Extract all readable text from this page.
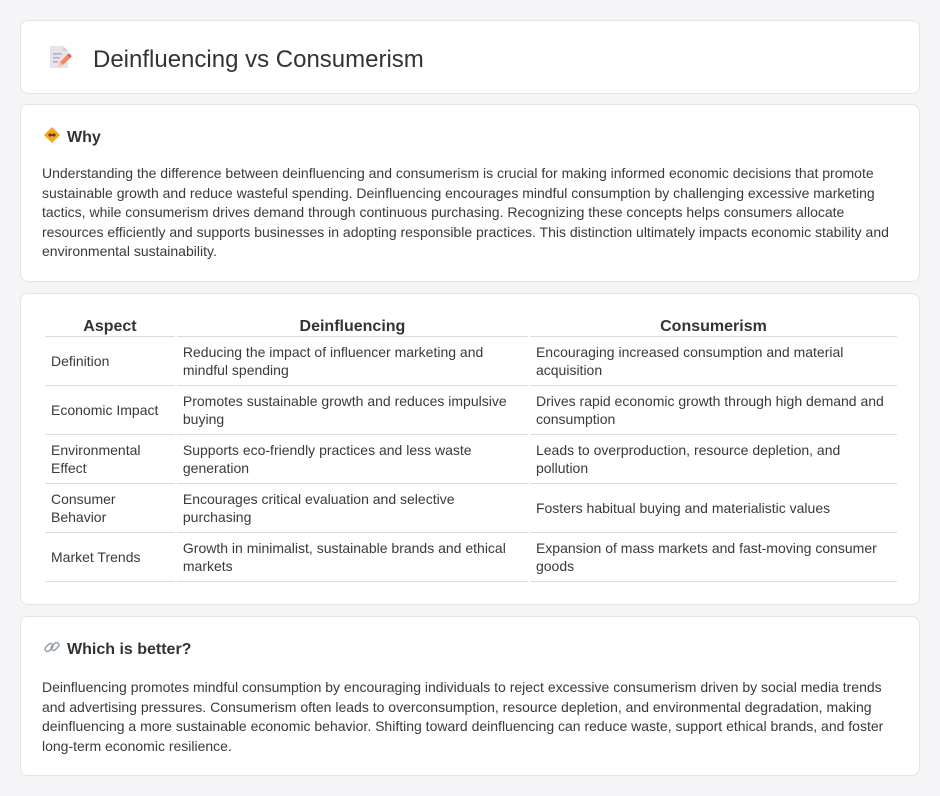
Deinfluencing vs Consumerism
Why

Understanding the difference between deinfluencing and consumerism is crucial for making informed economic decisions that promote sustainable growth and reduce wasteful spending. Deinfluencing encourages mindful consumption by challenging excessive marketing tactics, while consumerism drives demand through continuous purchasing. Recognizing these concepts helps consumers allocate resources efficiently and supports businesses in adopting responsible practices. This distinction ultimately impacts economic stability and environmental sustainability.

Aspect	Deinfluencing	Consumerism
Definition	Reducing the impact of influencer marketing and mindful spending	Encouraging increased consumption and material acquisition
Economic Impact	Promotes sustainable growth and reduces impulsive buying	Drives rapid economic growth through high demand and consumption
Environmental Effect	Supports eco-friendly practices and less waste generation	Leads to overproduction, resource depletion, and pollution
Consumer Behavior	Encourages critical evaluation and selective purchasing	Fosters habitual buying and materialistic values
Market Trends	Growth in minimalist, sustainable brands and ethical markets	Expansion of mass markets and fast-moving consumer goods
Which is better?

Deinfluencing promotes mindful consumption by encouraging individuals to reject excessive consumerism driven by social media trends and advertising pressures. Consumerism often leads to overconsumption, resource depletion, and environmental degradation, making deinfluencing a more sustainable economic behavior. Shifting toward deinfluencing can reduce waste, support ethical brands, and foster long-term economic resilience.
